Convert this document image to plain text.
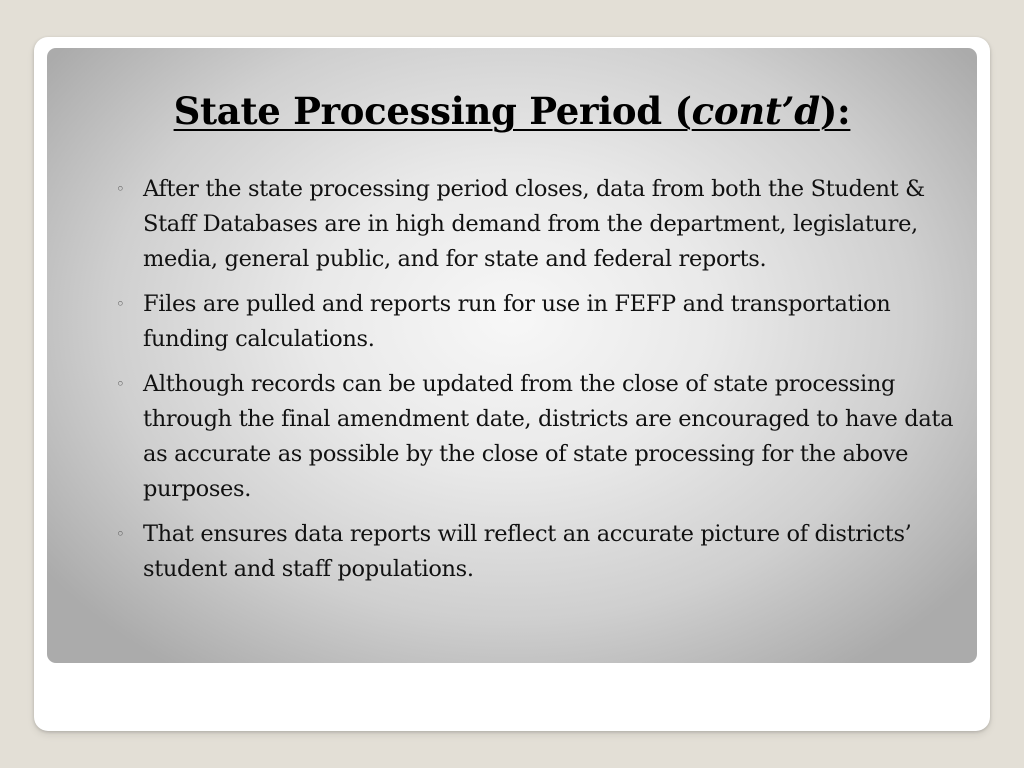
State Processing Period (cont’d):
◦ After the state processing period closes, data from both the Student & Staff Databases are in high demand from the department, legislature, media, general public, and for state and federal reports.
◦ Files are pulled and reports run for use in FEFP and transportation funding calculations.
◦ Although records can be updated from the close of state processing through the final amendment date, districts are encouraged to have data as accurate as possible by the close of state processing for the above purposes.
◦ That ensures data reports will reflect an accurate picture of districts’ student and staff populations.
